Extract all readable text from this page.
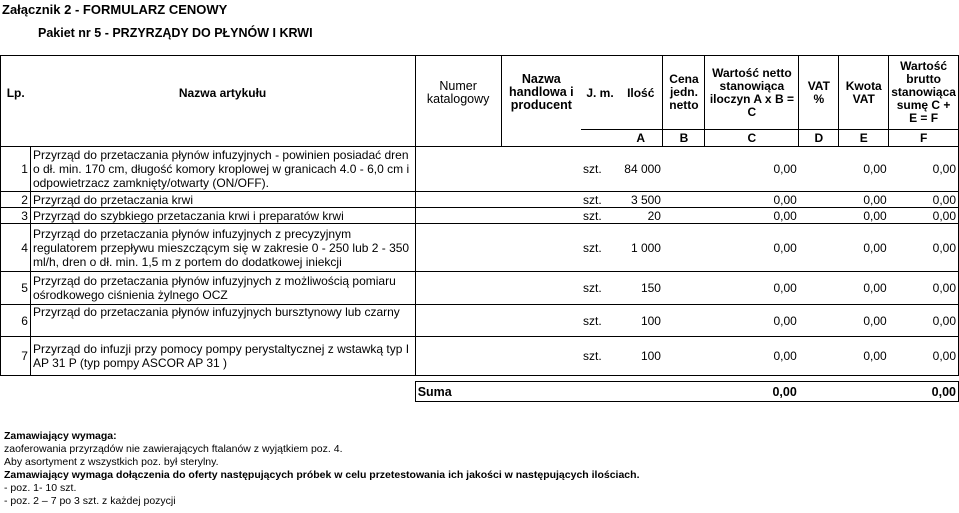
Załącznik 2 - FORMULARZ CENOWY
Pakiet nr 5 - PRZYRZĄDY DO PŁYNÓW I KRWI
Lp.	Nazwa artykułu	Numer katalogowy	Nazwa handlowa i producent	J. m.	Ilość	Cena jedn. netto	Wartość netto stanowiąca iloczyn A x B = C	VAT %	Kwota VAT	Wartość brutto stanowiąca sumę C + E = F
					A	B	C	D	E	F
1	Przyrząd do przetaczania płynów infuzyjnych - powinien posiadać dren o dł. min. 170 cm, długość komory kroplowej w granicach 4.0 - 6,0 cm i odpowietrzacz zamknięty/otwarty (ON/OFF).			szt.	84 000		0,00		0,00	0,00
2	Przyrząd do przetaczania krwi			szt.	3 500		0,00		0,00	0,00
3	Przyrząd do szybkiego przetaczania krwi i preparatów krwi			szt.	20		0,00		0,00	0,00
4	Przyrząd do przetaczania płynów infuzyjnych z precyzyjnym regulatorem przepływu mieszczącym się w zakresie 0 - 250 lub 2 - 350 ml/h, dren o dł. min. 1,5 m z portem do dodatkowej iniekcji			szt.	1 000		0,00		0,00	0,00
5	Przyrząd do przetaczania płynów infuzyjnych z możliwością pomiaru ośrodkowego ciśnienia żylnego OCZ			szt.	150		0,00		0,00	0,00
6	Przyrząd do przetaczania płynów infuzyjnych bursztynowy lub czarny			szt.	100		0,00		0,00	0,00
7	Przyrząd do infuzji przy pomocy pompy perystaltycznej z wstawką typ I AP 31 P (typ pompy ASCOR AP 31 )			szt.	100		0,00		0,00	0,00

		Suma					0,00			0,00
Zamawiający wymaga:
zaoferowania przyrządów nie zawierających ftalanów z wyjątkiem poz. 4.
Aby asortyment z wszystkich poz. był sterylny.
Zamawiający wymaga dołączenia do oferty następujących próbek w celu przetestowania ich jakości w następujących ilościach.
- poz. 1- 10 szt.
- poz. 2 – 7 po 3 szt. z każdej pozycji
